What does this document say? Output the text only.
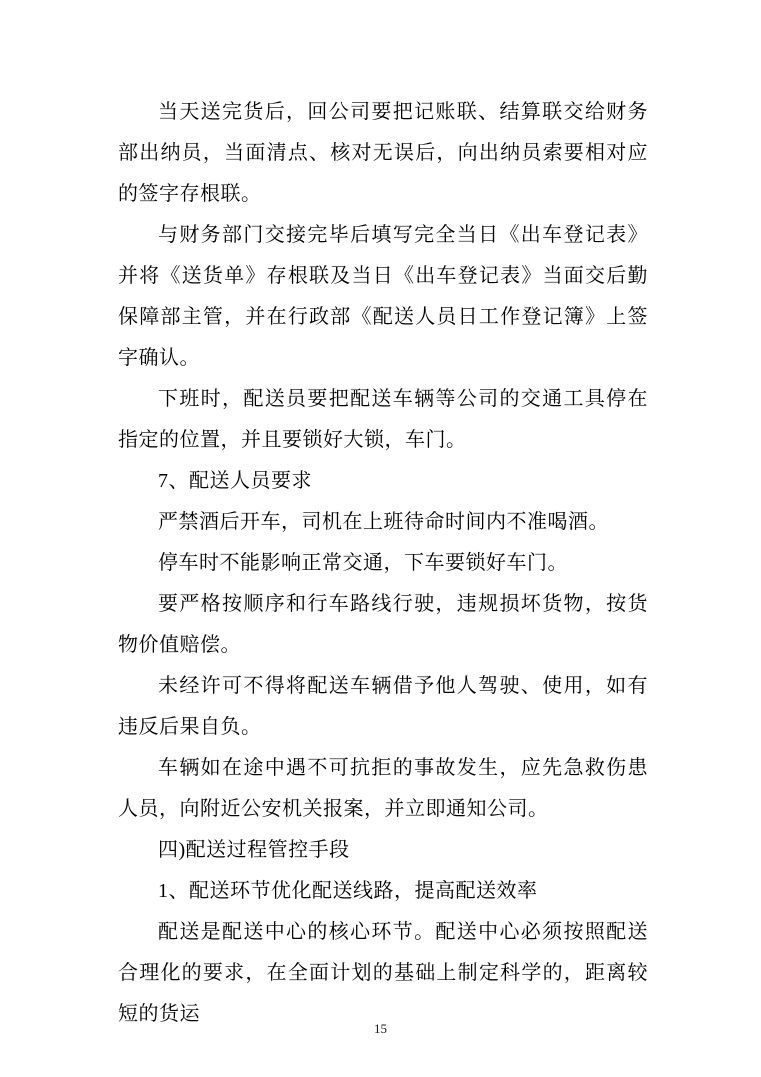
当天送完货后，回公司要把记账联、结算联交给财务部出纳员，当面清点、核对无误后，向出纳员索要相对应的签字存根联。

与财务部门交接完毕后填写完全当日《出车登记表》并将《送货单》存根联及当日《出车登记表》当面交后勤保障部主管，并在行政部《配送人员日工作登记簿》上签字确认。

下班时，配送员要把配送车辆等公司的交通工具停在指定的位置，并且要锁好大锁，车门。

7、配送人员要求

严禁酒后开车，司机在上班待命时间内不准喝酒。

停车时不能影响正常交通，下车要锁好车门。

要严格按顺序和行车路线行驶，违规损坏货物，按货物价值赔偿。

未经许可不得将配送车辆借予他人驾驶、使用，如有违反后果自负。

车辆如在途中遇不可抗拒的事故发生，应先急救伤患人员，向附近公安机关报案，并立即通知公司。

四)配送过程管控手段

1、配送环节优化配送线路，提高配送效率

配送是配送中心的核心环节。配送中心必须按照配送合理化的要求，在全面计划的基础上制定科学的，距离较短的货运

15
